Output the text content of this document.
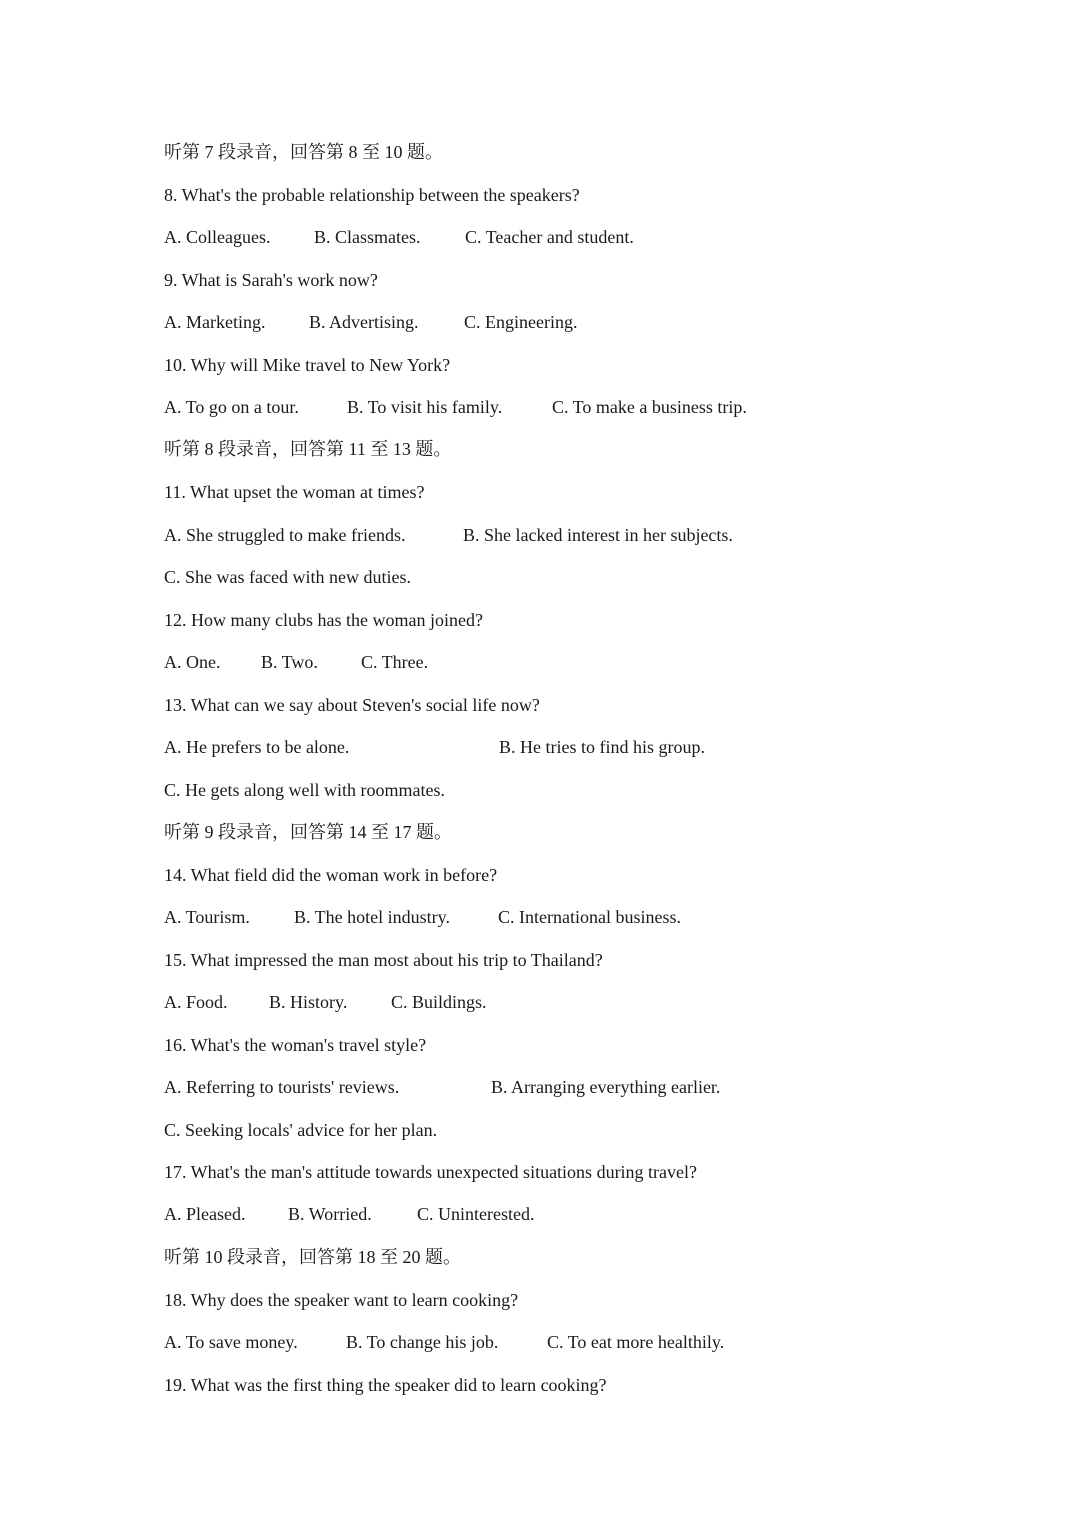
听第 7 段录音，回答第 8 至 10 题。
8. What's the probable relationship between the speakers?
A. Colleagues. B. Classmates. C. Teacher and student.
9. What is Sarah's work now?
A. Marketing. B. Advertising.	C. Engineering.
10. Why will Mike travel to New York?
A. To go on a tour.	B. To visit his family.	C. To make a business trip.
听第 8 段录音，回答第 11 至 13 题。
11. What upset the woman at times?
A. She struggled to make friends.	B. She lacked interest in her subjects.
C. She was faced with new duties.
12. How many clubs has the woman joined?
A. One. B. Two. C. Three.
13. What can we say about Steven's social life now?
A. He prefers to be alone.	B. He tries to find his group.
C. He gets along well with roommates.
听第 9 段录音，回答第 14 至 17 题。
14. What field did the woman work in before?
A. Tourism. B. The hotel industry.	C. International business.
15. What impressed the man most about his trip to Thailand?
A. Food. B. History. C. Buildings.
16. What's the woman's travel style?
A. Referring to tourists' reviews.	B. Arranging everything earlier.
C. Seeking locals' advice for her plan.
17. What's the man's attitude towards unexpected situations during travel?
A. Pleased. B. Worried.	C. Uninterested.
听第 10 段录音，回答第 18 至 20 题。
18. Why does the speaker want to learn cooking?
A. To save money.	B. To change his job.	C. To eat more healthily.
19. What was the first thing the speaker did to learn cooking?
